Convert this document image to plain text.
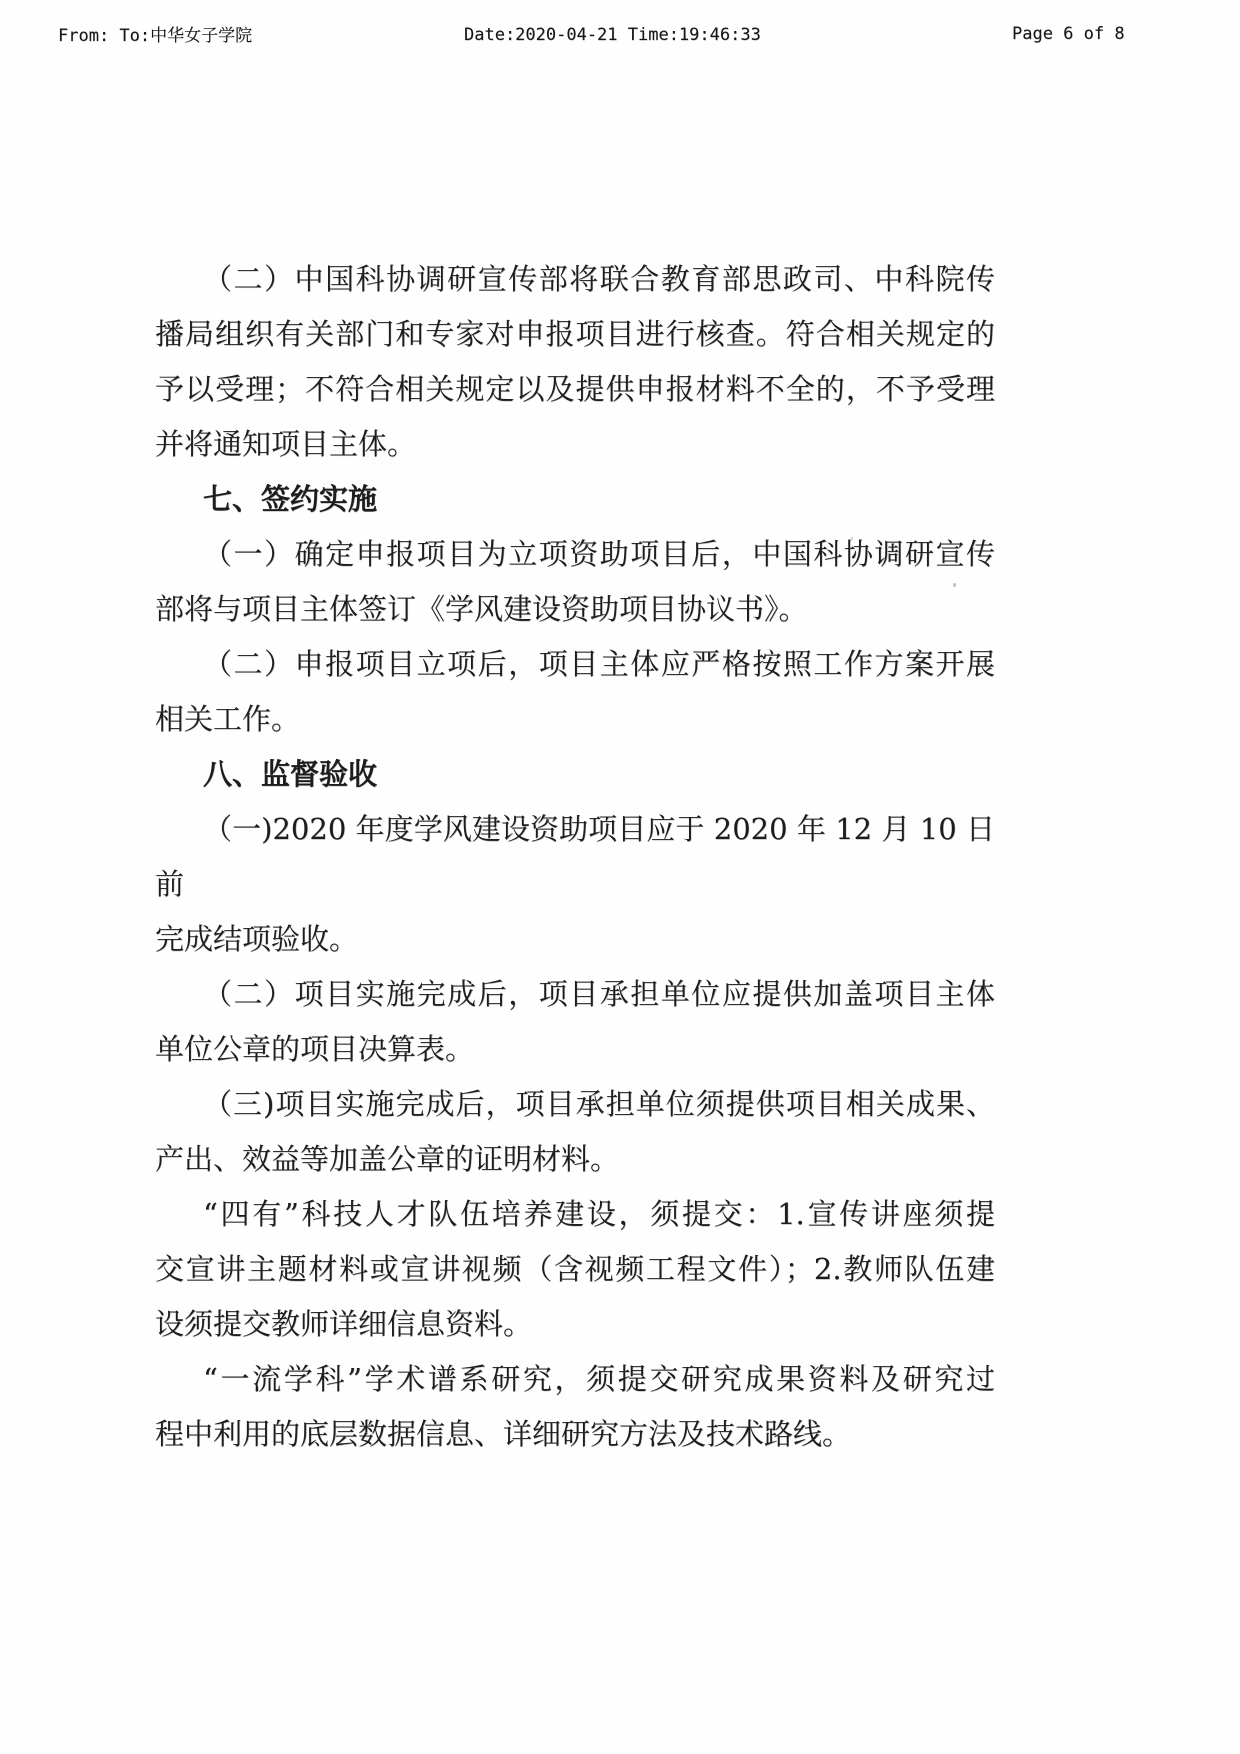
From: To:中华女子学院	Date:2020-04-21 Time:19:46:33	Page 6 of 8
（二）中国科协调研宣传部将联合教育部思政司、中科院传
播局组织有关部门和专家对申报项目进行核查。符合相关规定的
予以受理；不符合相关规定以及提供申报材料不全的，不予受理
并将通知项目主体。
七、签约实施
（一）确定申报项目为立项资助项目后，中国科协调研宣传
部将与项目主体签订《学风建设资助项目协议书》。
（二）申报项目立项后，项目主体应严格按照工作方案开展
相关工作。
八、监督验收
（一)2020 年度学风建设资助项目应于 2020 年 12 月 10 日前
完成结项验收。
（二）项目实施完成后，项目承担单位应提供加盖项目主体
单位公章的项目决算表。
（三)项目实施完成后，项目承担单位须提供项目相关成果、
产出、效益等加盖公章的证明材料。
“四有”科技人才队伍培养建设，须提交：1.宣传讲座须提
交宣讲主题材料或宣讲视频（含视频工程文件）；2.教师队伍建
设须提交教师详细信息资料。
“一流学科”学术谱系研究，须提交研究成果资料及研究过
程中利用的底层数据信息、详细研究方法及技术路线。
